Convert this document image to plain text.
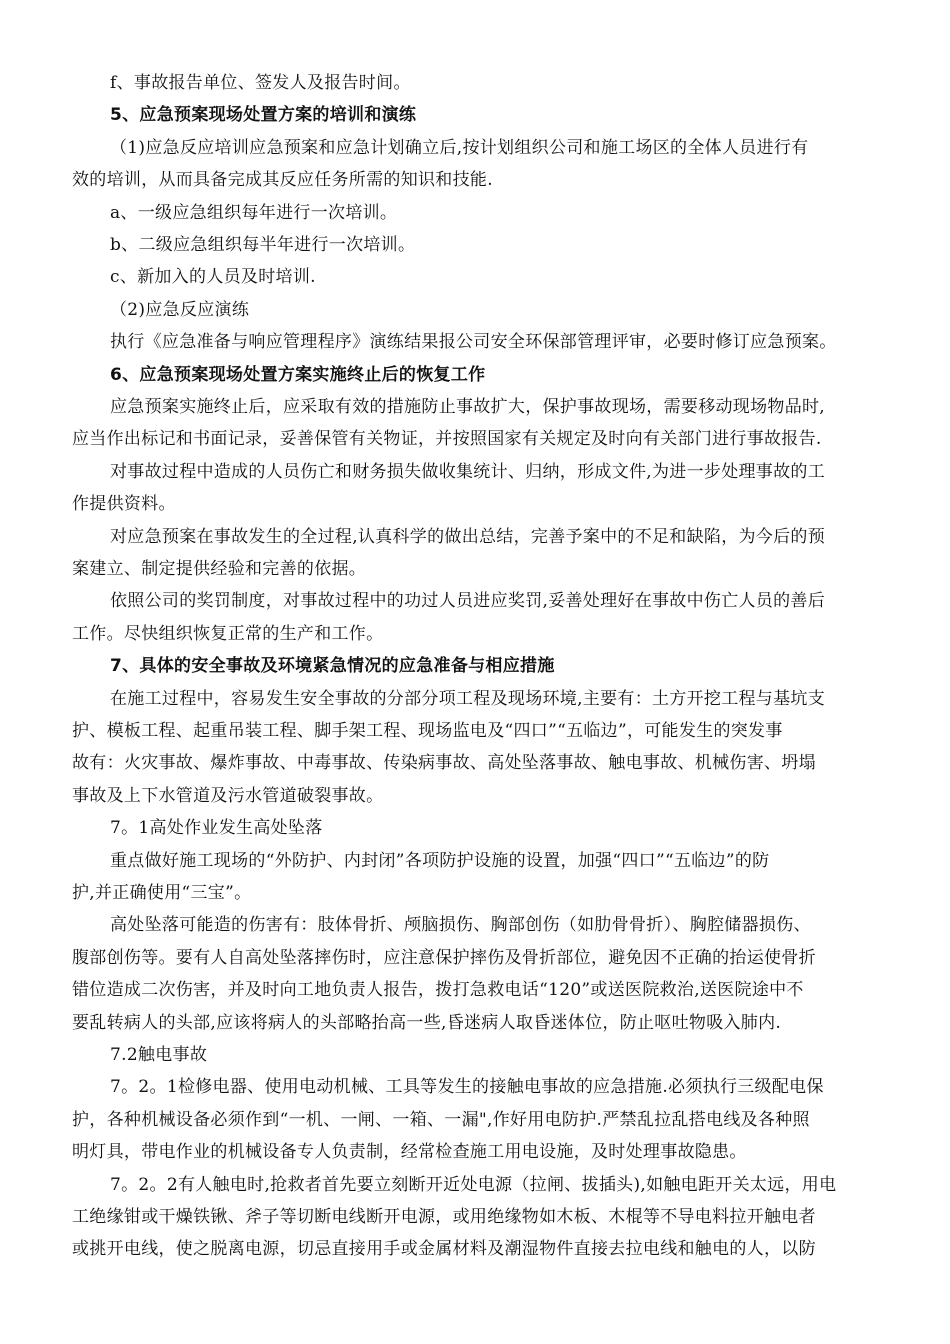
f、事故报告单位、签发人及报告时间。
5、应急预案现场处置方案的培训和演练
（1)应急反应培训应急预案和应急计划确立后,按计划组织公司和施工场区的全体人员进行有
效的培训，从而具备完成其反应任务所需的知识和技能.
a、一级应急组织每年进行一次培训。
b、二级应急组织每半年进行一次培训。
c、新加入的人员及时培训.
（2)应急反应演练
执行《应急准备与响应管理程序》演练结果报公司安全环保部管理评审，必要时修订应急预案。
6、应急预案现场处置方案实施终止后的恢复工作
应急预案实施终止后，应采取有效的措施防止事故扩大，保护事故现场，需要移动现场物品时,
应当作出标记和书面记录，妥善保管有关物证，并按照国家有关规定及时向有关部门进行事故报告.
对事故过程中造成的人员伤亡和财务损失做收集统计、归纳，形成文件,为进一步处理事故的工
作提供资料。
对应急预案在事故发生的全过程,认真科学的做出总结，完善予案中的不足和缺陷，为今后的预
案建立、制定提供经验和完善的依据。
依照公司的奖罚制度，对事故过程中的功过人员进应奖罚,妥善处理好在事故中伤亡人员的善后
工作。尽快组织恢复正常的生产和工作。
7、具体的安全事故及环境紧急情况的应急准备与相应措施
在施工过程中，容易发生安全事故的分部分项工程及现场环境,主要有：土方开挖工程与基坑支
护、模板工程、起重吊装工程、脚手架工程、现场监电及“四口”“五临边”，可能发生的突发事
故有：火灾事故、爆炸事故、中毒事故、传染病事故、高处坠落事故、触电事故、机械伤害、坍塌
事故及上下水管道及污水管道破裂事故。
7。1高处作业发生高处坠落
重点做好施工现场的“外防护、内封闭”各项防护设施的设置，加强“四口”“五临边”的防
护,并正确使用“三宝”。
高处坠落可能造的伤害有：肢体骨折、颅脑损伤、胸部创伤（如肋骨骨折）、胸腔储器损伤、
腹部创伤等。要有人自高处坠落摔伤时，应注意保护摔伤及骨折部位，避免因不正确的抬运使骨折
错位造成二次伤害，并及时向工地负责人报告，拨打急救电话“120”或送医院救治,送医院途中不
要乱转病人的头部,应该将病人的头部略抬高一些,昏迷病人取昏迷体位，防止呕吐物吸入肺内.
7.2触电事故
7。2。1检修电器、使用电动机械、工具等发生的接触电事故的应急措施.必须执行三级配电保
护，各种机械设备必须作到“一机、一闸、一箱、一漏",作好用电防护.严禁乱拉乱搭电线及各种照
明灯具，带电作业的机械设备专人负责制，经常检查施工用电设施，及时处理事故隐患。
7。2。2有人触电时,抢救者首先要立刻断开近处电源（拉闸、拔插头),如触电距开关太远，用电
工绝缘钳或干燥铁锹、斧子等切断电线断开电源，或用绝缘物如木板、木棍等不导电料拉开触电者
或挑开电线，使之脱离电源，切忌直接用手或金属材料及潮湿物件直接去拉电线和触电的人，以防
